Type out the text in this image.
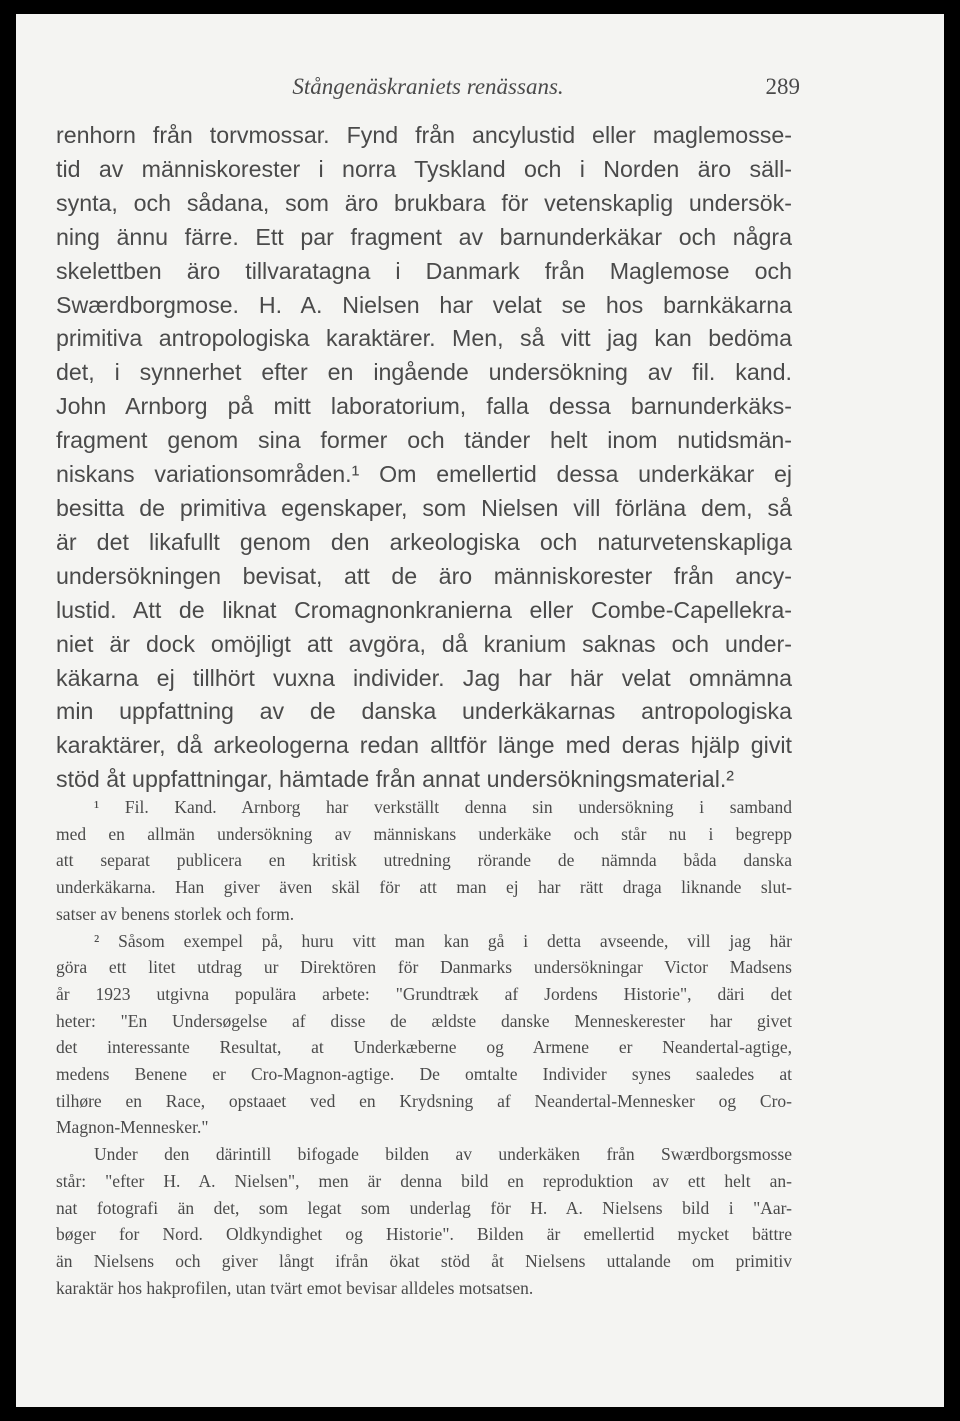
Stångenäskraniets renässans.	289
renhorn från torvmossar. Fynd från ancylustid eller maglemosse-
tid av människorester i norra Tyskland och i Norden äro säll-
synta, och sådana, som äro brukbara för vetenskaplig undersök-
ning ännu färre. Ett par fragment av barnunderkäkar och några
skelettben äro tillvaratagna i Danmark från Maglemose och
Swærdborgmose. H. A. Nielsen har velat se hos barnkäkarna
primitiva antropologiska karaktärer. Men, så vitt jag kan bedöma
det, i synnerhet efter en ingående undersökning av fil. kand.
John Arnborg på mitt laboratorium, falla dessa barnunderkäks-
fragment genom sina former och tänder helt inom nutidsmän-
niskans variationsområden.¹ Om emellertid dessa underkäkar ej
besitta de primitiva egenskaper, som Nielsen vill förläna dem, så
är det likafullt genom den arkeologiska och naturvetenskapliga
undersökningen bevisat, att de äro människorester från ancy-
lustid. Att de liknat Cromagnonkranierna eller Combe-Capellekra-
niet är dock omöjligt att avgöra, då kranium saknas och under-
käkarna ej tillhört vuxna individer. Jag har här velat omnämna
min uppfattning av de danska underkäkarnas antropologiska
karaktärer, då arkeologerna redan alltför länge med deras hjälp givit
stöd åt uppfattningar, hämtade från annat undersökningsmaterial.²
¹ Fil. Kand. Arnborg har verkställt denna sin undersökning i samband
med en allmän undersökning av människans underkäke och står nu i begrepp
att separat publicera en kritisk utredning rörande de nämnda båda danska
underkäkarna. Han giver även skäl för att man ej har rätt draga liknande slut-
satser av benens storlek och form.
² Såsom exempel på, huru vitt man kan gå i detta avseende, vill jag här
göra ett litet utdrag ur Direktören för Danmarks undersökningar Victor Madsens
år 1923 utgivna populära arbete: "Grundtræk af Jordens Historie", däri det
heter: "En Undersøgelse af disse de ældste danske Menneskerester har givet
det interessante Resultat, at Underkæberne og Armene er Neandertal-agtige,
medens Benene er Cro-Magnon-agtige. De omtalte Individer synes saaledes at
tilhøre en Race, opstaaet ved en Krydsning af Neandertal-Mennesker og Cro-
Magnon-Mennesker."
Under den därintill bifogade bilden av underkäken från Swærdborgsmosse
står: "efter H. A. Nielsen", men är denna bild en reproduktion av ett helt an-
nat fotografi än det, som legat som underlag för H. A. Nielsens bild i "Aar-
bøger for Nord. Oldkyndighet og Historie". Bilden är emellertid mycket bättre
än Nielsens och giver långt ifrån ökat stöd åt Nielsens uttalande om primitiv
karaktär hos hakprofilen, utan tvärt emot bevisar alldeles motsatsen.
